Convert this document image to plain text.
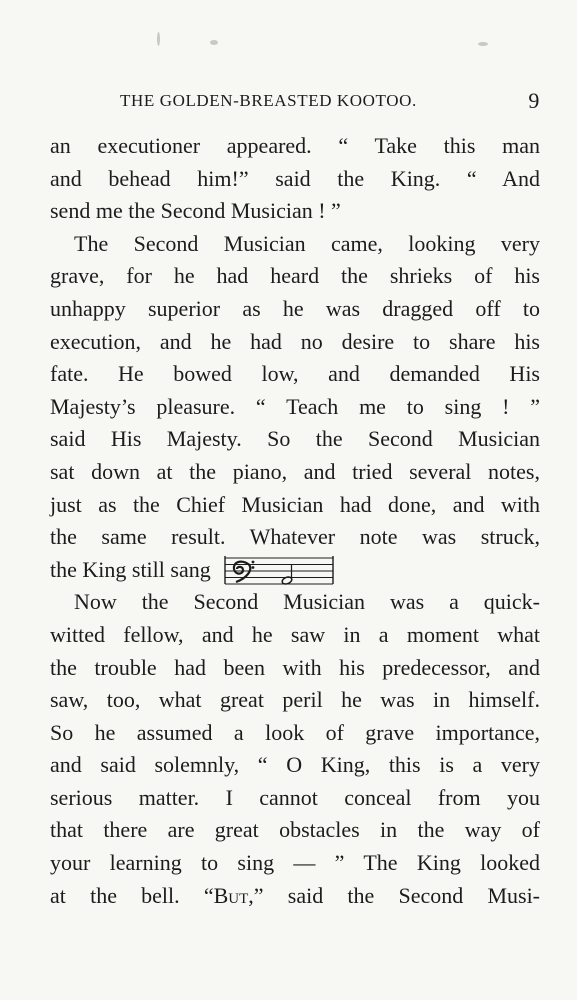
THE GOLDEN-BREASTED KOOTOO.	9
an executioner appeared. “ Take this man
and behead him!” said the King. “ And
send me the Second Musician ! ”
The Second Musician came, looking very
grave, for he had heard the shrieks of his
unhappy superior as he was dragged off to
execution, and he had no desire to share his
fate. He bowed low, and demanded His
Majesty’s pleasure. “ Teach me to sing ! ”
said His Majesty. So the Second Musician
sat down at the piano, and tried several notes,
just as the Chief Musician had done, and with
the same result. Whatever note was struck,
the King still sang
Now the Second Musician was a quick-
witted fellow, and he saw in a moment what
the trouble had been with his predecessor, and
saw, too, what great peril he was in himself.
So he assumed a look of grave importance,
and said solemnly, “ O King, this is a very
serious matter. I cannot conceal from you
that there are great obstacles in the way of
your learning to sing — ” The King looked
at the bell. “But,” said the Second Musi-
